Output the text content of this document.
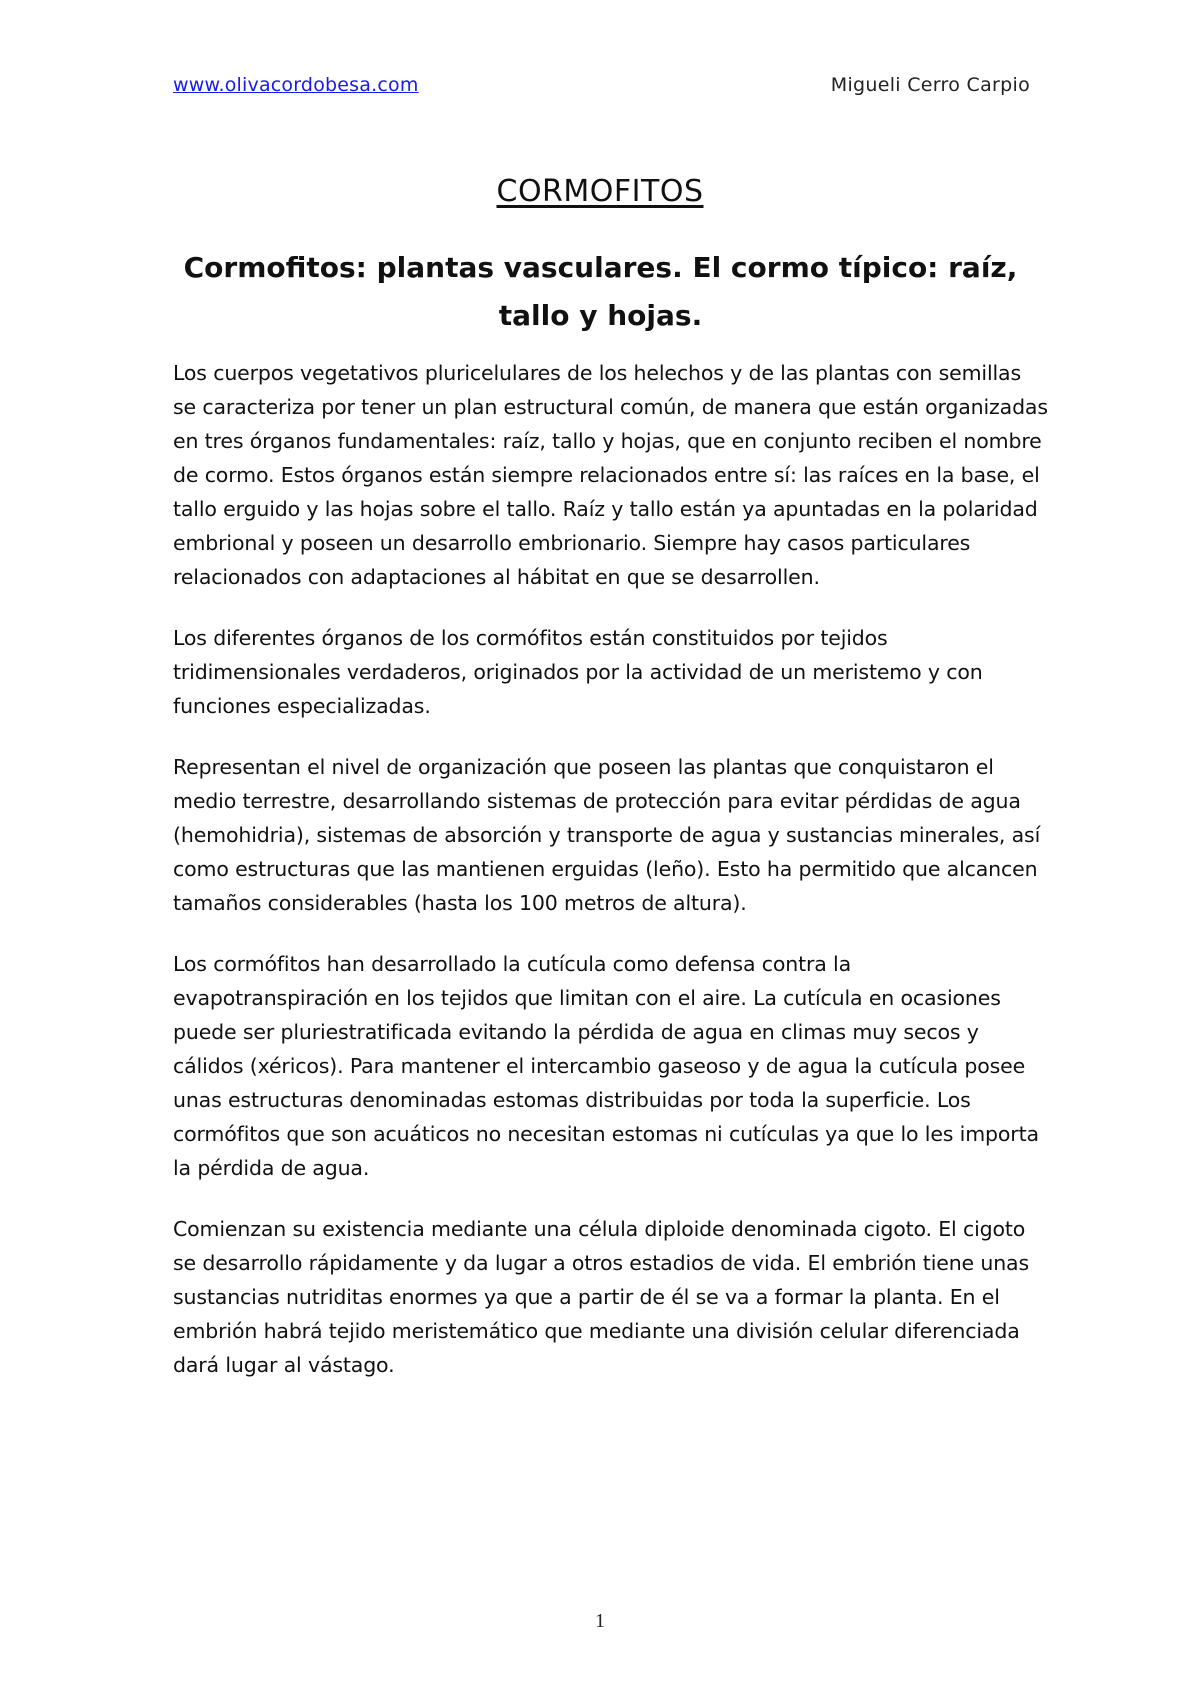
www.olivacordobesa.com	Migueli Cerro Carpio
CORMOFITOS
Cormofitos: plantas vasculares. El cormo típico: raíz, tallo y hojas.

Los cuerpos vegetativos pluricelulares de los helechos y de las plantas con semillas se caracteriza por tener un plan estructural común, de manera que están organizadas en tres órganos fundamentales: raíz, tallo y hojas, que en conjunto reciben el nombre de cormo. Estos órganos están siempre relacionados entre sí: las raíces en la base, el tallo erguido y las hojas sobre el tallo. Raíz y tallo están ya apuntadas en la polaridad embrional y poseen un desarrollo embrionario. Siempre hay casos particulares relacionados con adaptaciones al hábitat en que se desarrollen.

Los diferentes órganos de los cormófitos están constituidos por tejidos tridimensionales verdaderos, originados por la actividad de un meristemo y con funciones especializadas.

Representan el nivel de organización que poseen las plantas que conquistaron el medio terrestre, desarrollando sistemas de protección para evitar pérdidas de agua (hemohidria), sistemas de absorción y transporte de agua y sustancias minerales, así como estructuras que las mantienen erguidas (leño). Esto ha permitido que alcancen tamaños considerables (hasta los 100 metros de altura).

Los cormófitos han desarrollado la cutícula como defensa contra la evapotranspiración en los tejidos que limitan con el aire. La cutícula en ocasiones puede ser pluriestratificada evitando la pérdida de agua en climas muy secos y cálidos (xéricos). Para mantener el intercambio gaseoso y de agua la cutícula posee unas estructuras denominadas estomas distribuidas por toda la superficie. Los cormófitos que son acuáticos no necesitan estomas ni cutículas ya que lo les importa la pérdida de agua.

Comienzan su existencia mediante una célula diploide denominada cigoto. El cigoto se desarrollo rápidamente y da lugar a otros estadios de vida. El embrión tiene unas sustancias nutriditas enormes ya que a partir de él se va a formar la planta. En el embrión habrá tejido meristemático que mediante una división celular diferenciada dará lugar al vástago.

1
